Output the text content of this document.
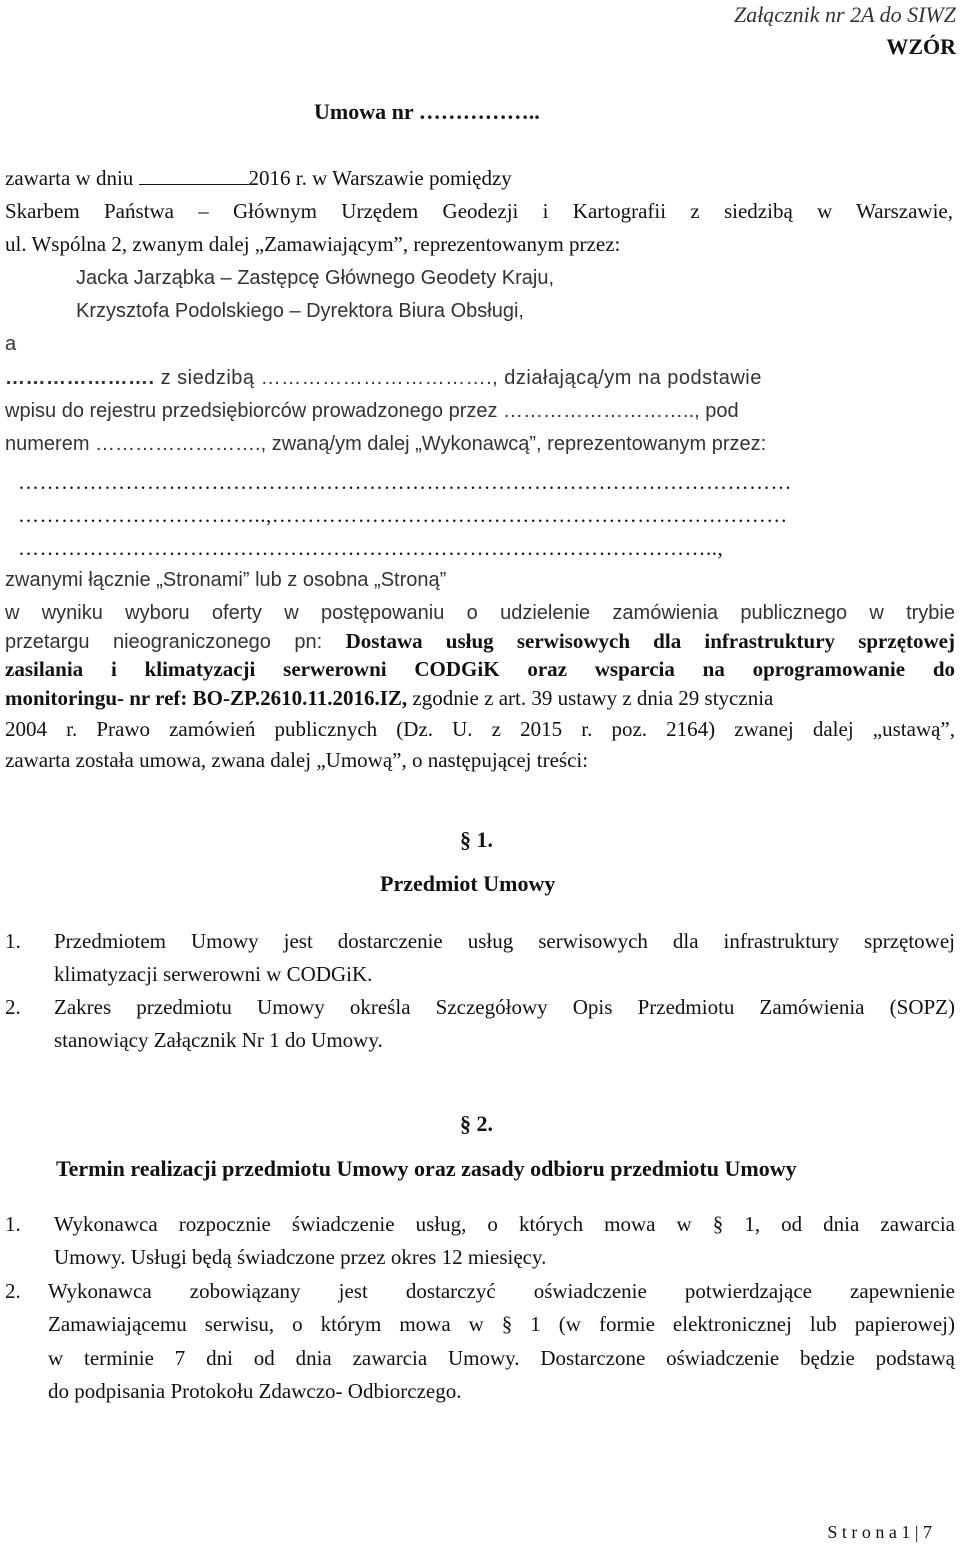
Załącznik nr 2A do SIWZ
WZÓR
Umowa nr ……………..
zawarta w dniu	2016 r. w Warszawie pomiędzy
Skarbem Państwa – Głównym Urzędem Geodezji i Kartografii z siedzibą w Warszawie,
ul. Wspólna 2, zwanym dalej „Zamawiającym”, reprezentowanym przez:
Jacka Jarząbka – Zastępcę Głównego Geodety Kraju,
Krzysztofa Podolskiego – Dyrektora Biura Obsługi,
a
…………………. z siedzibą ……………………………., działającą/ym na podstawie
wpisu do rejestru przedsiębiorców prowadzonego przez ……………………….., pod
numerem ……………………., zwaną/ym dalej „Wykonawcą”, reprezentowanym przez:
………………………………………………………………………………………………
……………………………..,………………………………………………………………
……………………………………………………………………………………..,
zwanymi łącznie „Stronami” lub z osobna „Stroną”
w wyniku wyboru oferty w postępowaniu o udzielenie zamówienia publicznego w trybie
przetargu nieograniczonego pn: Dostawa usług serwisowych dla infrastruktury sprzętowej
zasilania i klimatyzacji serwerowni CODGiK oraz wsparcia na oprogramowanie do
monitoringu- nr ref: BO-ZP.2610.11.2016.IZ, zgodnie z art. 39 ustawy z dnia 29 stycznia
2004 r. Prawo zamówień publicznych (Dz. U. z 2015 r. poz. 2164) zwanej dalej „ustawą”,
zawarta została umowa, zwana dalej „Umową”, o następującej treści:
§ 1.
Przedmiot Umowy
1. Przedmiotem Umowy jest dostarczenie usług serwisowych dla infrastruktury sprzętowej
klimatyzacji serwerowni w CODGiK.
2. Zakres przedmiotu Umowy określa Szczegółowy Opis Przedmiotu Zamówienia (SOPZ)
stanowiący Załącznik Nr 1 do Umowy.
§ 2.
Termin realizacji przedmiotu Umowy oraz zasady odbioru przedmiotu Umowy
1. Wykonawca rozpocznie świadczenie usług, o których mowa w § 1, od dnia zawarcia
Umowy. Usługi będą świadczone przez okres 12 miesięcy.
2. Wykonawca zobowiązany jest dostarczyć oświadczenie potwierdzające zapewnienie
Zamawiającemu serwisu, o którym mowa w § 1 (w formie elektronicznej lub papierowej)
w terminie 7 dni od dnia zawarcia Umowy. Dostarczone oświadczenie będzie podstawą
do podpisania Protokołu Zdawczo- Odbiorczego.
S t r o n a 1 | 7
